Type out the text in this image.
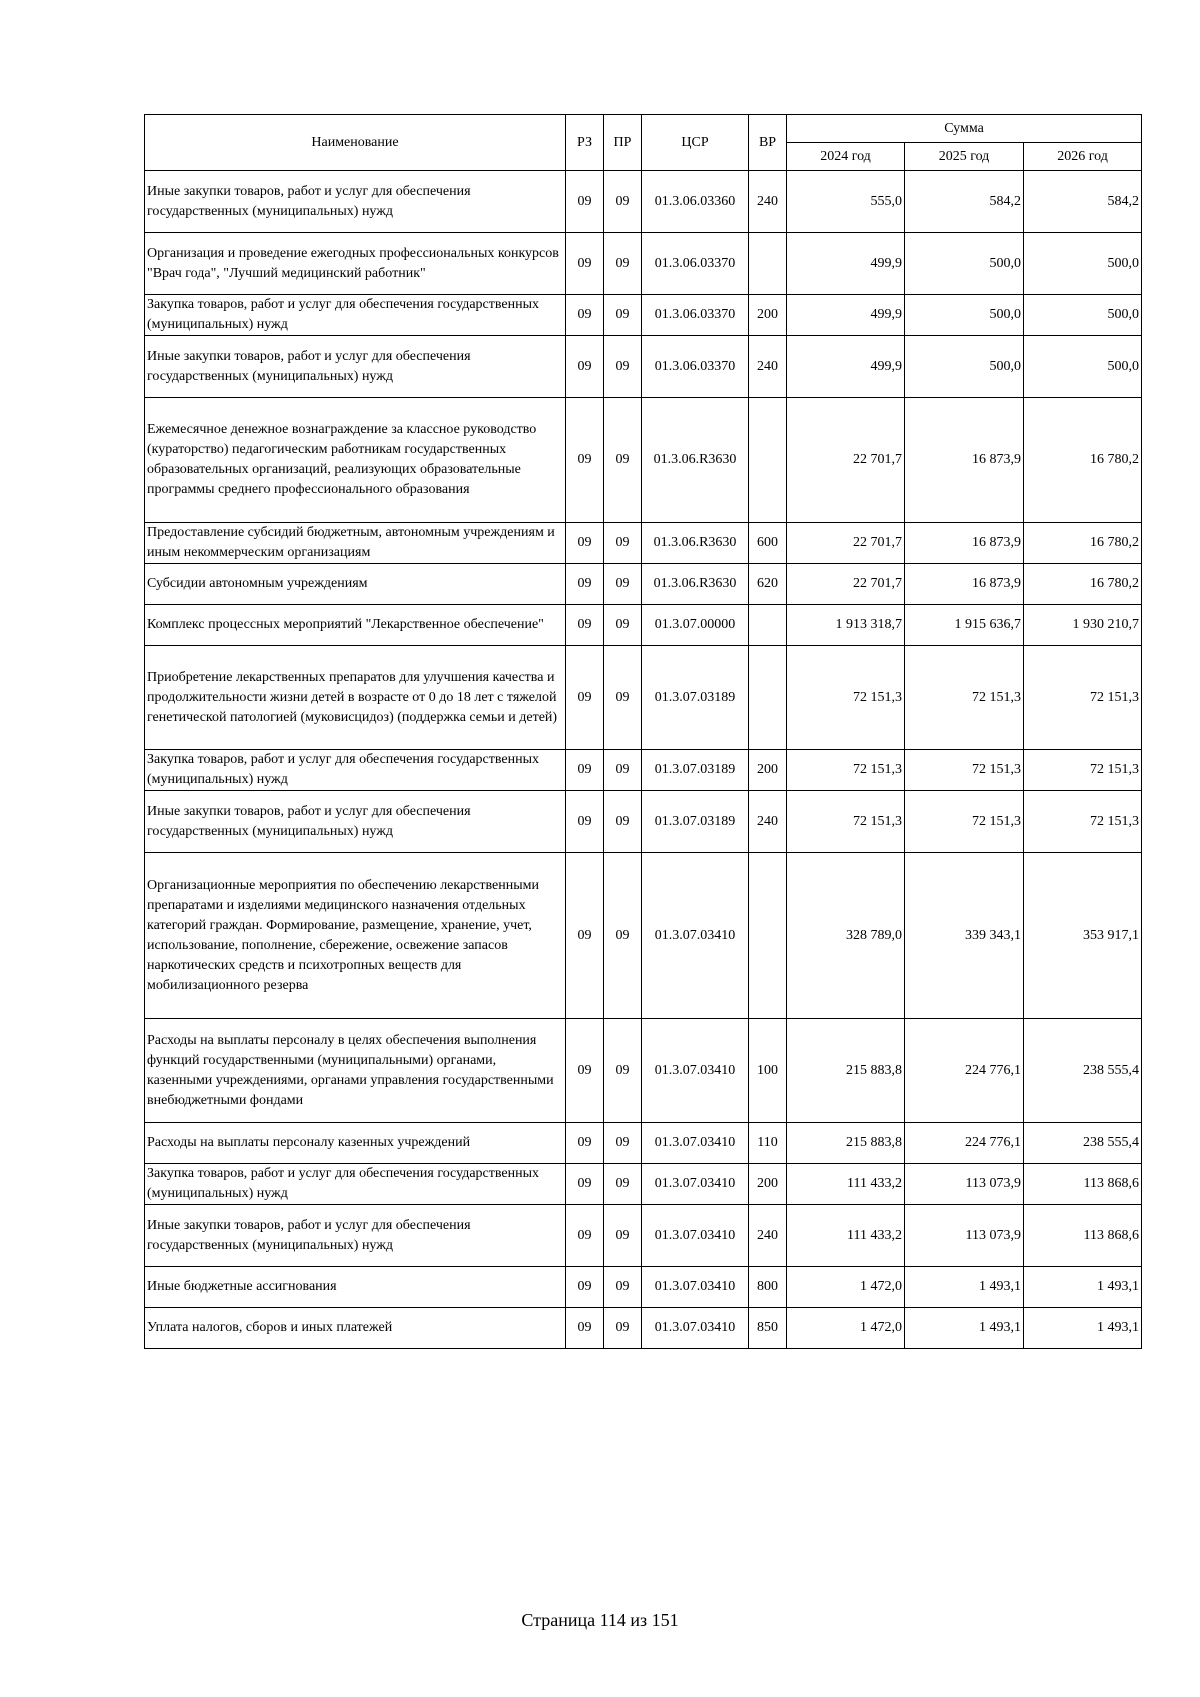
Наименование	РЗ	ПР	ЦСР	ВР	Сумма		
					2024 год	2025 год	2026 год
Иные закупки товаров, работ и услуг для обеспечения государственных (муниципальных) нужд	09	09	01.3.06.03360	240	555,0	584,2	584,2
Организация и проведение ежегодных профессиональных конкурсов "Врач года", "Лучший медицинский работник"	09	09	01.3.06.03370		499,9	500,0	500,0
Закупка товаров, работ и услуг для обеспечения государственных (муниципальных) нужд	09	09	01.3.06.03370	200	499,9	500,0	500,0
Иные закупки товаров, работ и услуг для обеспечения государственных (муниципальных) нужд	09	09	01.3.06.03370	240	499,9	500,0	500,0
Ежемесячное денежное вознаграждение за классное руководство (кураторство) педагогическим работникам государственных образовательных организаций, реализующих образовательные программы среднего профессионального образования	09	09	01.3.06.R3630		22 701,7	16 873,9	16 780,2
Предоставление субсидий бюджетным, автономным учреждениям и иным некоммерческим организациям	09	09	01.3.06.R3630	600	22 701,7	16 873,9	16 780,2
Субсидии автономным учреждениям	09	09	01.3.06.R3630	620	22 701,7	16 873,9	16 780,2
Комплекс процессных мероприятий "Лекарственное обеспечение"	09	09	01.3.07.00000		1 913 318,7	1 915 636,7	1 930 210,7
Приобретение лекарственных препаратов для улучшения качества и продолжительности жизни детей в возрасте от 0 до 18 лет с тяжелой генетической патологией (муковисцидоз) (поддержка семьи и детей)	09	09	01.3.07.03189		72 151,3	72 151,3	72 151,3
Закупка товаров, работ и услуг для обеспечения государственных (муниципальных) нужд	09	09	01.3.07.03189	200	72 151,3	72 151,3	72 151,3
Иные закупки товаров, работ и услуг для обеспечения государственных (муниципальных) нужд	09	09	01.3.07.03189	240	72 151,3	72 151,3	72 151,3
Организационные мероприятия по обеспечению лекарственными препаратами и изделиями медицинского назначения отдельных категорий граждан. Формирование, размещение, хранение, учет, использование, пополнение, сбережение, освежение запасов наркотических средств и психотропных веществ для мобилизационного резерва	09	09	01.3.07.03410		328 789,0	339 343,1	353 917,1
Расходы на выплаты персоналу в целях обеспечения выполнения функций государственными (муниципальными) органами, казенными учреждениями, органами управления государственными внебюджетными фондами	09	09	01.3.07.03410	100	215 883,8	224 776,1	238 555,4
Расходы на выплаты персоналу казенных учреждений	09	09	01.3.07.03410	110	215 883,8	224 776,1	238 555,4
Закупка товаров, работ и услуг для обеспечения государственных (муниципальных) нужд	09	09	01.3.07.03410	200	111 433,2	113 073,9	113 868,6
Иные закупки товаров, работ и услуг для обеспечения государственных (муниципальных) нужд	09	09	01.3.07.03410	240	111 433,2	113 073,9	113 868,6
Иные бюджетные ассигнования	09	09	01.3.07.03410	800	1 472,0	1 493,1	1 493,1
Уплата налогов, сборов и иных платежей	09	09	01.3.07.03410	850	1 472,0	1 493,1	1 493,1
Страница 114 из 151
